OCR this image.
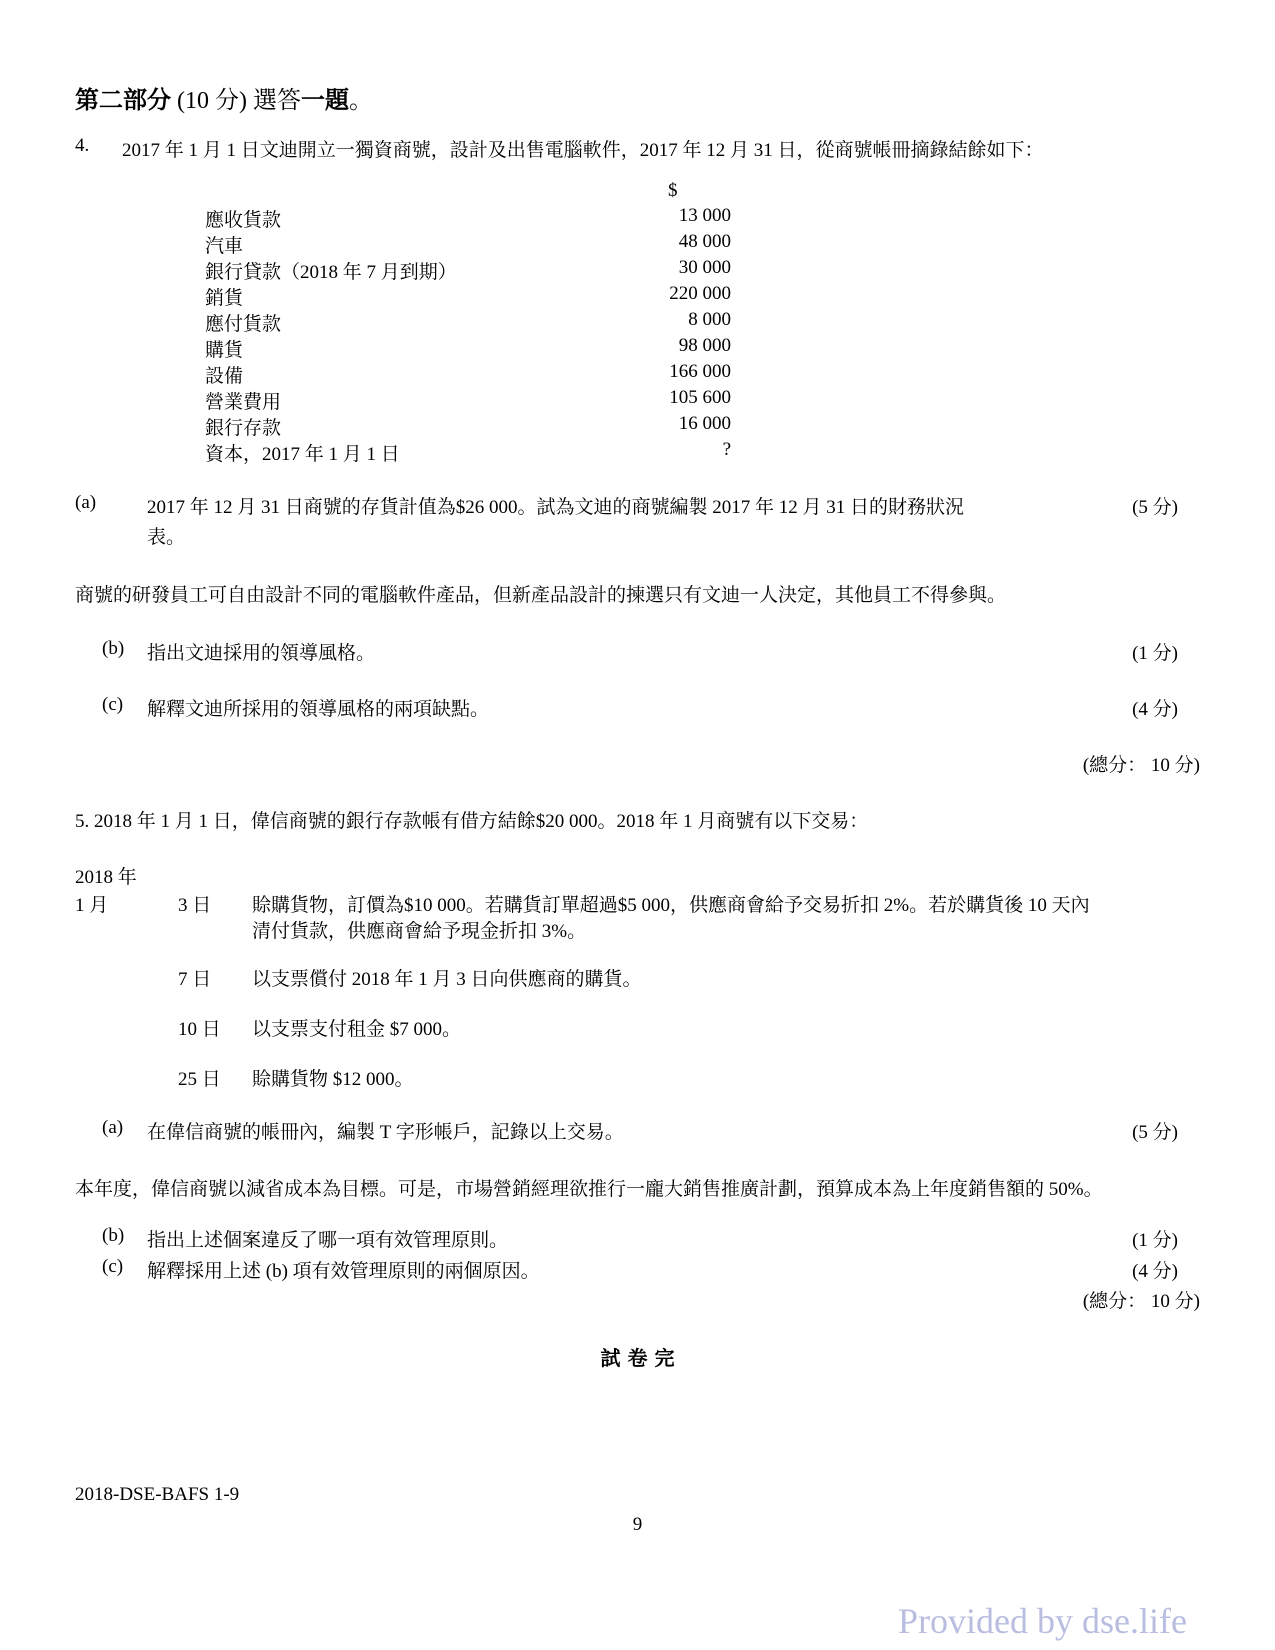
第二部分 (10 分) 選答一題。
4. 2017 年 1 月 1 日文迪開立一獨資商號，設計及出售電腦軟件，2017 年 12 月 31 日，從商號帳冊摘錄結餘如下：
$
應收貨款	13 000
汽車	48 000
銀行貸款（2018 年 7 月到期）	30 000
銷貨	220 000
應付貨款	8 000
購貨	98 000
設備	166 000
營業費用	105 600
銀行存款	16 000
資本，2017 年 1 月 1 日	?
(a)	2017 年 12 月 31 日商號的存貨計值為$26 000。試為文迪的商號編製 2017 年 12 月 31 日的財務狀況
表。
(5 分)
商號的研發員工可自由設計不同的電腦軟件產品，但新產品設計的揀選只有文迪一人決定，其他員工不得參與。
(b) 指出文迪採用的領導風格。	(1 分)
(c) 解釋文迪所採用的領導風格的兩項缺點。	(4 分)
(總分： 10 分)
5. 2018 年 1 月 1 日，偉信商號的銀行存款帳有借方結餘$20 000。2018 年 1 月商號有以下交易：
2018 年
1 月	3 日 賒購貨物，訂價為$10 000。若購貨訂單超過$5 000，供應商會給予交易折扣 2%。若於購貨後 10 天內
清付貨款，供應商會給予現金折扣 3%。
7 日 以支票償付 2018 年 1 月 3 日向供應商的購貨。
10 日 以支票支付租金 $7 000。
25 日 賒購貨物 $12 000。
(a) 在偉信商號的帳冊內，編製 T 字形帳戶，記錄以上交易。	(5 分)
本年度，偉信商號以減省成本為目標。可是，市場營銷經理欲推行一龐大銷售推廣計劃，預算成本為上年度銷售額的 50%。
(b) 指出上述個案違反了哪一項有效管理原則。	(1 分)
(c) 解釋採用上述 (b) 項有效管理原則的兩個原因。	(4 分)
(總分： 10 分)
試 卷 完
2018-DSE-BAFS 1-9
9
Provided by dse.life
